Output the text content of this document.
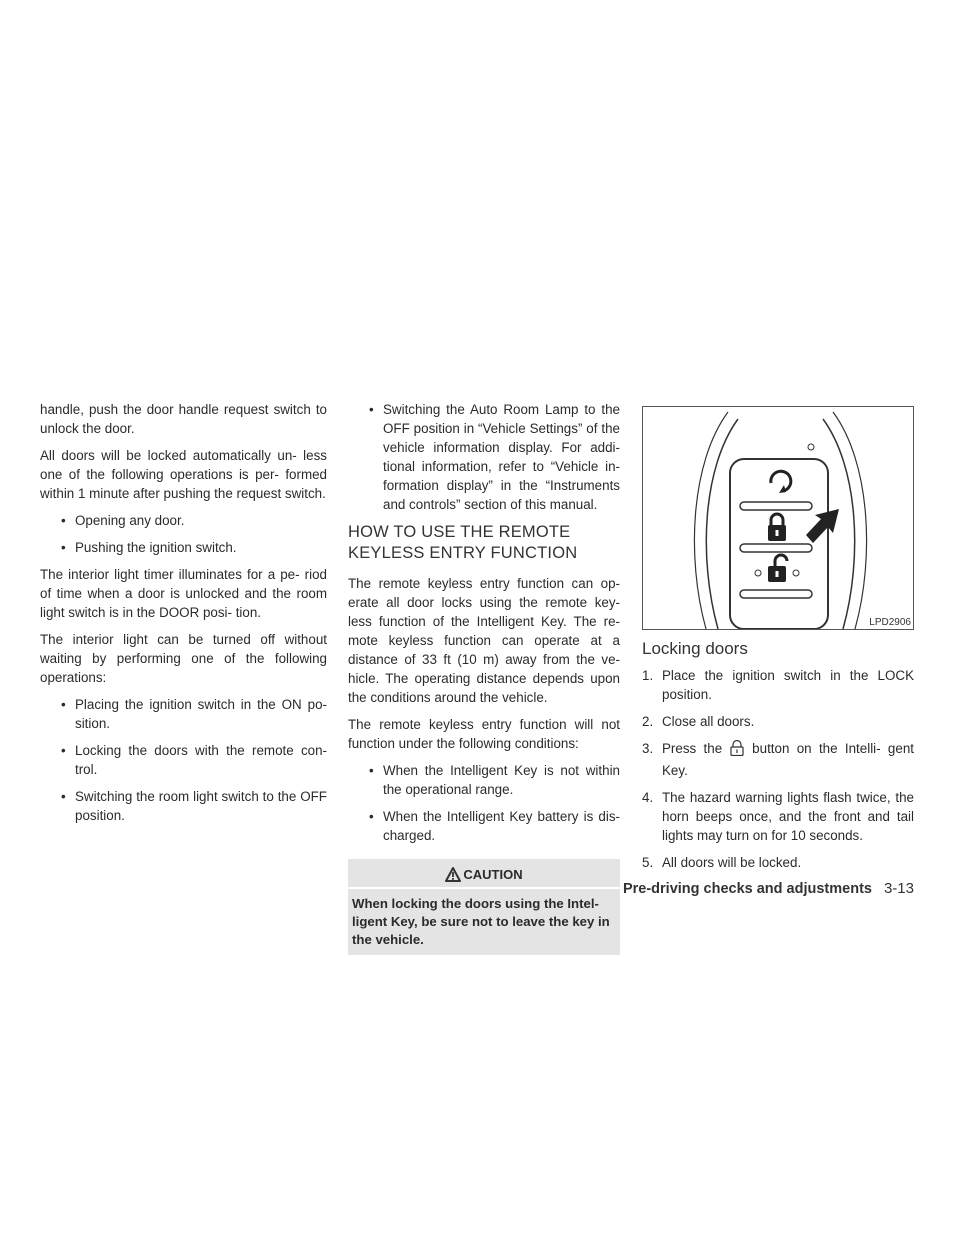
handle, push the door handle request switch to unlock the door.

All doors will be locked automatically un- less one of the following operations is per- formed within 1 minute after pushing the request switch.

• Opening any door.
• Pushing the ignition switch.

The interior light timer illuminates for a pe- riod of time when a door is unlocked and the room light switch is in the DOOR posi- tion.

The interior light can be turned off without waiting by performing one of the following operations:

• Placing the ignition switch in the ON po- sition.
• Locking the doors with the remote con- trol.
• Switching the room light switch to the OFF position.
• Switching the Auto Room Lamp to the OFF position in “Vehicle Settings” of the vehicle information display. For addi- tional information, refer to “Vehicle in- formation display” in the “Instruments and controls” section of this manual.
HOW TO USE THE REMOTE KEYLESS ENTRY FUNCTION

The remote keyless entry function can op- erate all door locks using the remote key- less function of the Intelligent Key. The re- mote keyless function can operate at a distance of 33 ft (10 m) away from the ve- hicle. The operating distance depends upon the conditions around the vehicle.

The remote keyless entry function will not function under the following conditions:

• When the Intelligent Key is not within the operational range.
• When the Intelligent Key battery is dis- charged.
CAUTION
When locking the doors using the Intel- ligent Key, be sure not to leave the key in the vehicle.
LPD2906
Locking doors
1. Place the ignition switch in the LOCK position.
2. Close all doors.
3. Press the button on the Intelli- gent Key.
4. The hazard warning lights flash twice, the horn beeps once, and the front and tail lights may turn on for 10 seconds.
5. All doors will be locked.
Pre-driving checks and adjustments 3-13
